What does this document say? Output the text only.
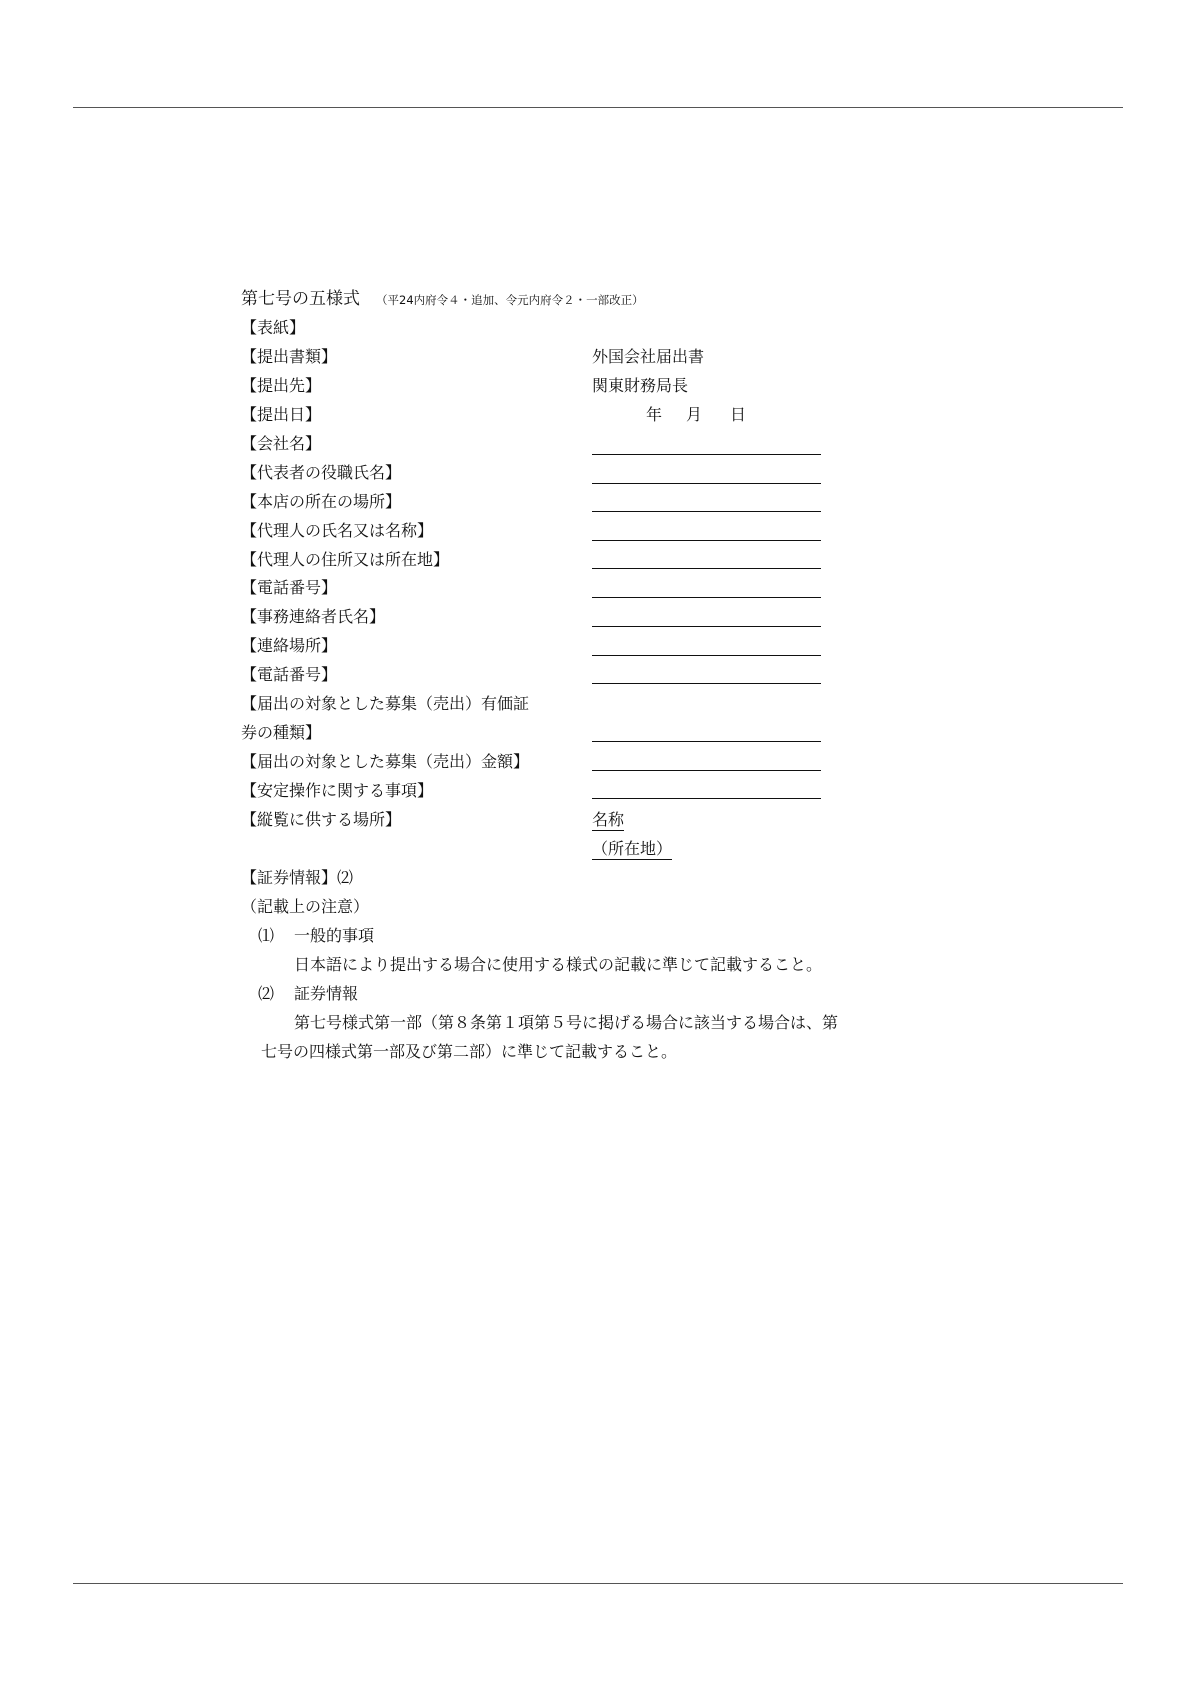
第七号の五様式 （平24内府令４・追加、令元内府令２・一部改正）
【表紙】
【提出書類】	外国会社届出書
【提出先】	関東財務局長
【提出日】	年 月 日
【会社名】
【代表者の役職氏名】
【本店の所在の場所】
【代理人の氏名又は名称】
【代理人の住所又は所在地】
【電話番号】
【事務連絡者氏名】
【連絡場所】
【電話番号】
【届出の対象とした募集（売出）有価証
券の種類】
【届出の対象とした募集（売出）金額】
【安定操作に関する事項】
【縦覧に供する場所】	名称
（所在地）
【証券情報】⑵
（記載上の注意）
⑴ 一般的事項
日本語により提出する場合に使用する様式の記載に準じて記載すること。
⑵ 証券情報
第七号様式第一部（第８条第１項第５号に掲げる場合に該当する場合は、第
七号の四様式第一部及び第二部）に準じて記載すること。
